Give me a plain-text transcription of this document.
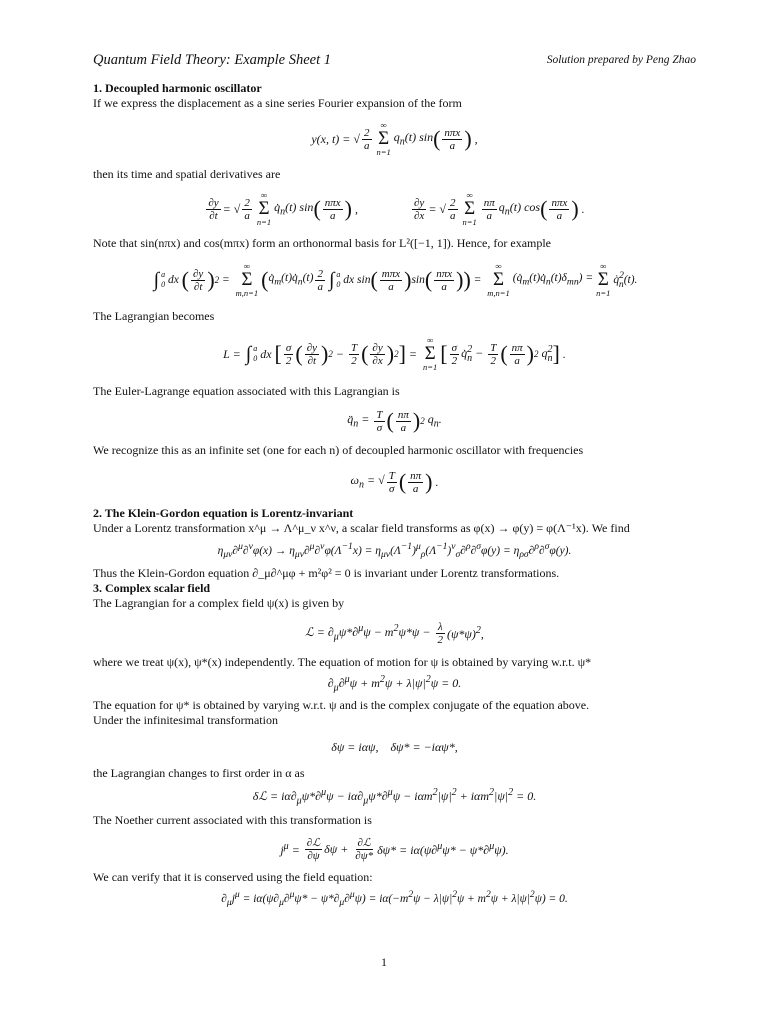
Quantum Field Theory: Example Sheet 1	Solution prepared by Peng Zhao
1. Decoupled harmonic oscillator

If we express the displacement as a sine series Fourier expansion of the form

y(x, t) = √ $\frac{2}{a}$
∞
Σ
n=1
$q_n(t)$ sin ( $\frac{\text{nπx}}{a}$ ) ,

then its time and spatial derivatives are

$\frac{\partial y}{\partial t}$ = √ $\frac{2}{a}$
∞
Σ
n=1
$q̇_n(t)$ sin ( $\frac{\text{nπx}}{a}$ ) ,	$\frac{\partial y}{\partial x}$ = √ $\frac{2}{a}$
∞
Σ
n=1
$\frac{n\pi}{a} q_n(t)$ cos ( $\frac{\text{nπx}}{a}$ ) .

Note that sin(nπx) and cos(mπx) form an orthonormal basis for L²([−1, 1]). Hence, for example

∫ a
0 dx ( $\frac{\partial y}{\partial t}$ ) 2 =
∞
Σ
m,n=1
( $q̇_m(t)q̇_n(t) \frac{2}{a}$ ∫ a
0 dx sin ( $\frac{\text{mπx}}{a}$ ) sin ( $\frac{\text{nπx}}{a}$ ) ) =
∞
Σ
m,n=1
$(q̇_m(t)q̇_n(t)\delta_{mn})$ =
∞
Σ
n=1
q̇$^2_n$(t).

The Lagrangian becomes

L = ∫ a
0 dx [ $\frac{\sigma}{2}$ ( $\frac{\partial y}{\partial t}$ ) $2 - \frac{T}{2}$ ( $\frac{\partial y}{\partial x}$ ) 2 ] =
∞
Σ
n=1
[ $\frac{\sigma}{2}$ q̇$^2_n$ − $\frac{T}{2}$ ( $\frac{n\pi}{a}$ ) 2 $q^2_n$ ] .

The Euler-Lagrange equation associated with this Lagrangian is

$q̈_n = \frac{T}{\sigma}$ ( $\frac{n\pi}{a}$ ) 2 $q_n$.

We recognize this as an infinite set (one for each n) of decoupled harmonic oscillator with frequencies

$\omega_n$ = √ $\frac{T}{\sigma}$ ( $\frac{n\pi}{a}$ ) .
2. The Klein-Gordon equation is Lorentz-invariant

Under a Lorentz transformation x^μ → Λ^μ_ν x^ν, a scalar field transforms as φ(x) → φ(y) = φ(Λ⁻¹x). We find

$\eta_{\mu\nu}\partial^\mu\partial^\nu\varphi(x) \to \eta_{\mu\nu}\partial^\mu\partial^\nu\varphi(\Lambda^{-1}x) = \eta_{\mu\nu}(\Lambda^{-1})^\mu_\rho(\Lambda^{-1})^\nu_\sigma\partial^\rho\partial^\sigma\varphi(y) = \eta_{\rho\sigma}\partial^\rho\partial^\sigma\varphi(y)$.

Thus the Klein-Gordon equation ∂_μ∂^μφ + m²φ² = 0 is invariant under Lorentz transformations.

3. Complex scalar field

The Lagrangian for a complex field ψ(x) is given by

ℒ = $\partial_\mu\psi*\partial^\mu\psi - m^2\psi*\psi - \frac{\lambda}{2} (\psi*\psi)^2$,

where we treat ψ(x), ψ*(x) independently. The equation of motion for ψ is obtained by varying w.r.t. ψ*

$\partial_\mu\partial^\mu\psi + m^2\psi + \lambda|\psi|^2\psi = 0$.

The equation for ψ* is obtained by varying w.r.t. ψ and is the complex conjugate of the equation above.

Under the infinitesimal transformation

δψ = iαψ,    δψ* = −iαψ*,

the Lagrangian changes to first order in α as

δℒ = $i\alpha\partial_\mu\psi*\partial^\mu\psi - i\alpha\partial_\mu\psi*\partial^\mu\psi - i\alpha m^2|\psi|^2 + i\alpha m^2|\psi|^2 = 0$.

The Noether current associated with this transformation is

$j^\mu = \frac{\text{∂ℒ}}{\partial\psi}$ $\delta\psi + \frac{\text{∂ℒ}}{\partial\psi*} \delta\psi* = i\alpha(\psi\partial^\mu\psi* - \psi*\partial^\mu\psi)$.

We can verify that it is conserved using the field equation:

$\partial_\mu j^\mu = i\alpha(\psi\partial_\mu\partial^\mu\psi* - \psi*\partial_\mu\partial^\mu\psi) = i\alpha(-m^2\psi - \lambda|\psi|^2\psi + m^2\psi + \lambda|\psi|^2\psi) = 0$.
1
